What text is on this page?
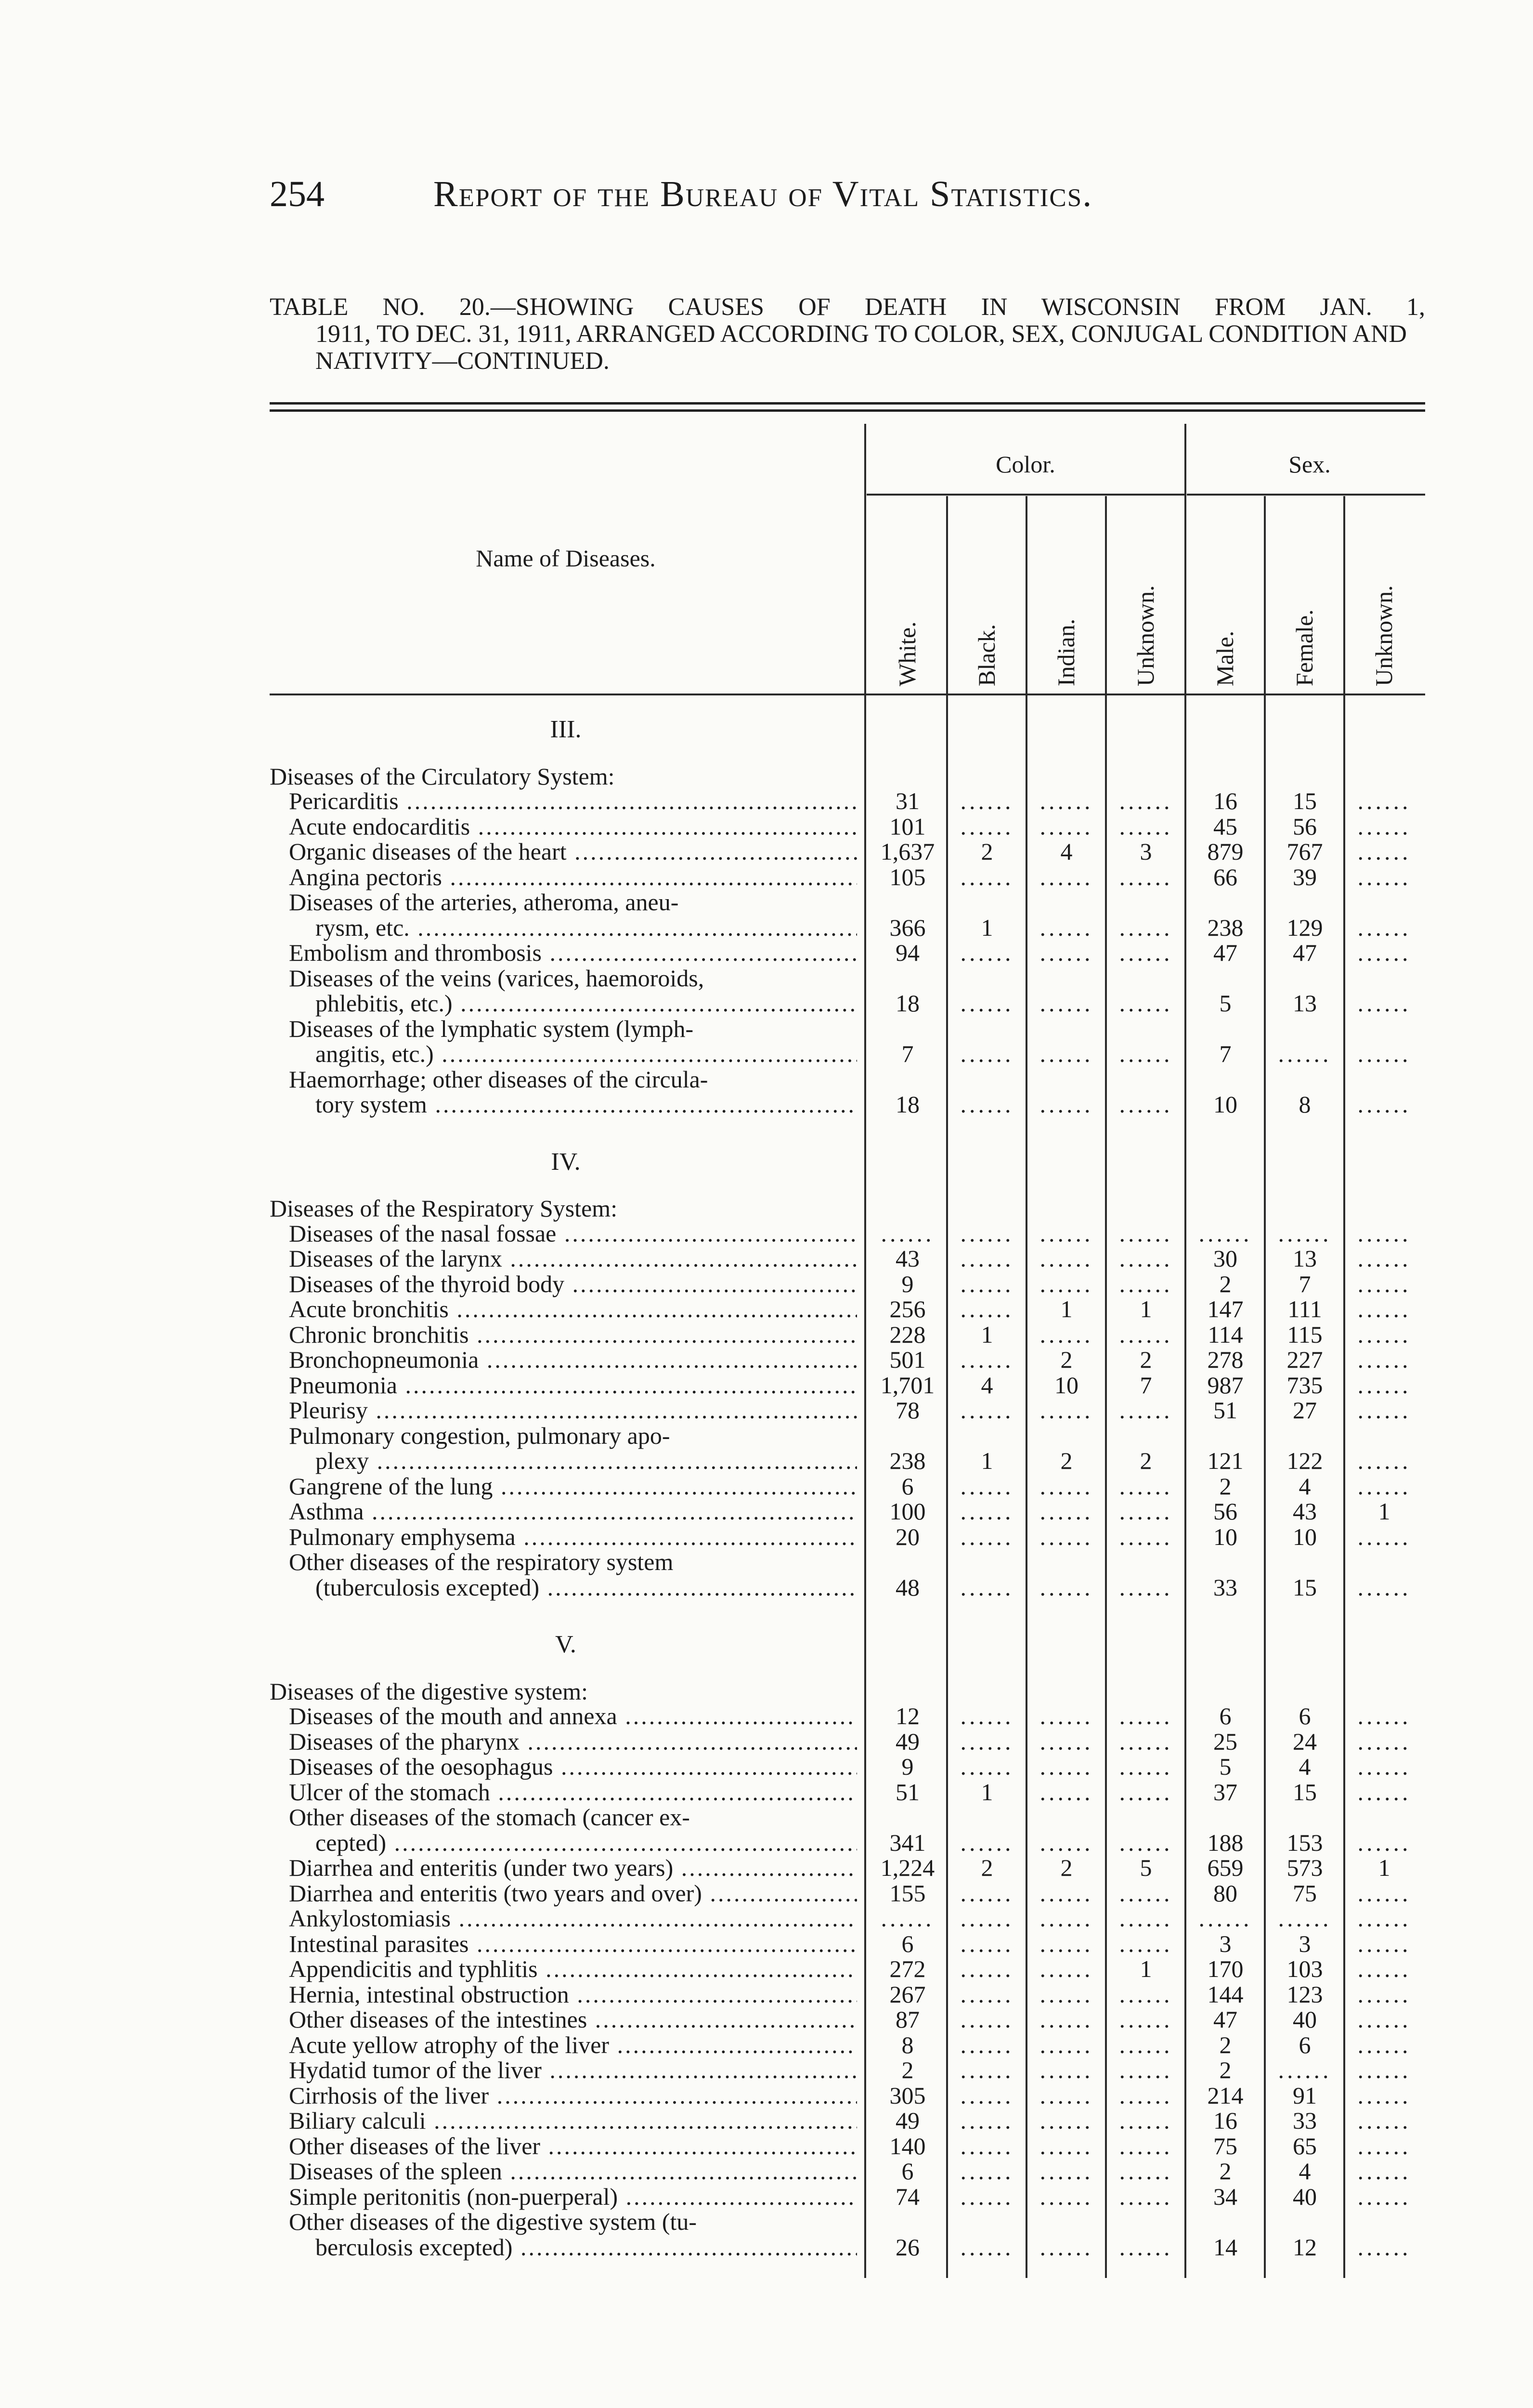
254	Report of the Bureau of Vital Statistics.
TABLE NO. 20.—SHOWING CAUSES OF DEATH IN WISCONSIN FROM JAN. 1,
1911, TO DEC. 31, 1911, ARRANGED ACCORDING TO COLOR, SEX, CONJUGAL CONDITION AND NATIVITY—CONTINUED.
Color.	Sex.
Name of Diseases.
White. Black. Indian. Unknown. Male. Female. Unknown.
III.
Diseases of the Circulatory System:
Pericarditis .....	31	......	......	......	16	15	......
Acute endocarditis .....	101	......	......	......	45	56	......
Organic diseases of the heart .....	1,637	2	4	3	879	767	......
Angina pectoris .....	105	......	......	......	66	39	......
Diseases of the arteries, atheroma, aneu-
rysm, etc. .....	366	1	......	......	238	129	......
Embolism and thrombosis .....	94	......	......	......	47	47	......
Diseases of the veins (varices, haemoroids,
phlebitis, etc.) .....	18	......	......	......	5	13	......
Diseases of the lymphatic system (lymph-
angitis, etc.) .....	7	......	......	......	7	......	......
Haemorrhage; other diseases of the circula-
tory system .....	18	......	......	......	10	8	......
IV.
Diseases of the Respiratory System:
Diseases of the nasal fossae .....	......	......	......	......	......	......	......
Diseases of the larynx .....	43	......	......	......	30	13	......
Diseases of the thyroid body .....	9	......	......	......	2	7	......
Acute bronchitis .....	256	......	1	1	147	111	......
Chronic bronchitis .....	228	1	......	......	114	115	......
Bronchopneumonia .....	501	......	2	2	278	227	......
Pneumonia .....	1,701	4	10	7	987	735	......
Pleurisy .....	78	......	......	......	51	27	......
Pulmonary congestion, pulmonary apo-
plexy .....	238	1	2	2	121	122	......
Gangrene of the lung .....	6	......	......	......	2	4	......
Asthma .....	100	......	......	......	56	43	1
Pulmonary emphysema .....	20	......	......	......	10	10	......
Other diseases of the respiratory system
(tuberculosis excepted) .....	48	......	......	......	33	15	......
V.
Diseases of the digestive system:
Diseases of the mouth and annexa .....	12	......	......	......	6	6	......
Diseases of the pharynx .....	49	......	......	......	25	24	......
Diseases of the oesophagus .....	9	......	......	......	5	4	......
Ulcer of the stomach .....	51	1	......	......	37	15	......
Other diseases of the stomach (cancer ex-
cepted) .....	341	......	......	......	188	153	......
Diarrhea and enteritis (under two years) .....	1,224	2	2	5	659	573	1
Diarrhea and enteritis (two years and over) .....	155	......	......	......	80	75	......
Ankylostomiasis .....	......	......	......	......	......	......	......
Intestinal parasites .....	6	......	......	......	3	3	......
Appendicitis and typhlitis .....	272	......	......	1	170	103	......
Hernia, intestinal obstruction .....	267	......	......	......	144	123	......
Other diseases of the intestines .....	87	......	......	......	47	40	......
Acute yellow atrophy of the liver .....	8	......	......	......	2	6	......
Hydatid tumor of the liver .....	2	......	......	......	2	......	......
Cirrhosis of the liver .....	305	......	......	......	214	91	......
Biliary calculi .....	49	......	......	......	16	33	......
Other diseases of the liver .....	140	......	......	......	75	65	......
Diseases of the spleen .....	6	......	......	......	2	4	......
Simple peritonitis (non-puerperal) .....	74	......	......	......	34	40	......
Other diseases of the digestive system (tu-
berculosis excepted) .....	26	......	......	......	14	12	......
